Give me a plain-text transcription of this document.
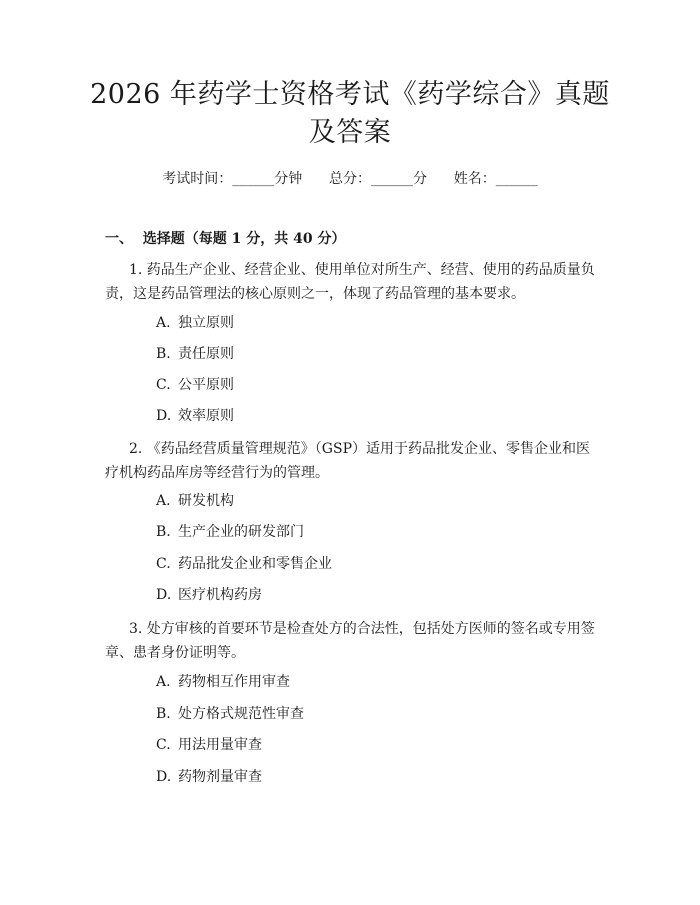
2026 年药学士资格考试《药学综合》真题及答案

考试时间：______分钟      总分：______分      姓名：______

一、  选择题（每题 1 分，共 40 分）

1. 药品生产企业、经营企业、使用单位对所生产、经营、使用的药品质量负责，这是药品管理法的核心原则之一，体现了药品管理的基本要求。

A. 独立原则

B. 责任原则

C. 公平原则

D. 效率原则

2. 《药品经营质量管理规范》（GSP）适用于药品批发企业、零售企业和医疗机构药品库房等经营行为的管理。

A. 研发机构

B. 生产企业的研发部门

C. 药品批发企业和零售企业

D. 医疗机构药房

3. 处方审核的首要环节是检查处方的合法性，包括处方医师的签名或专用签章、患者身份证明等。

A. 药物相互作用审查

B. 处方格式规范性审查

C. 用法用量审查

D. 药物剂量审查
